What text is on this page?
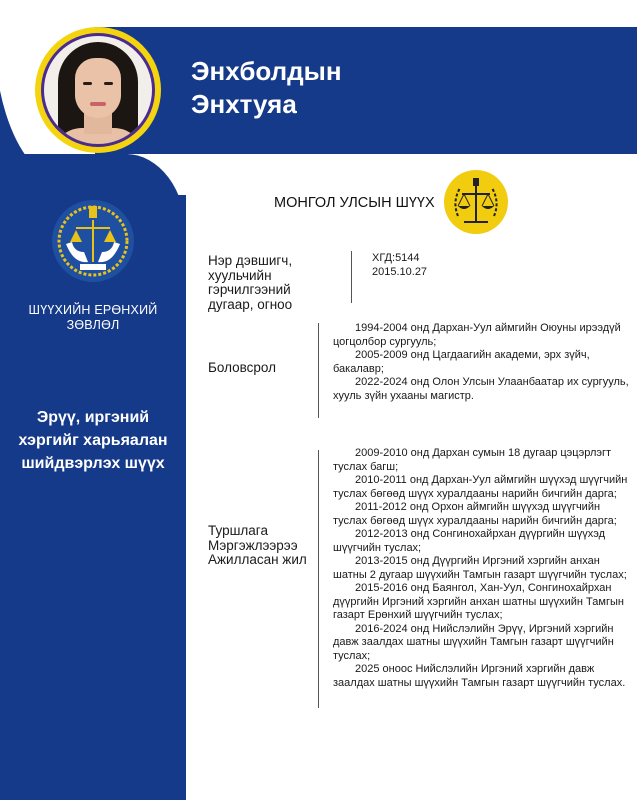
Энхболдын
Энхтуяа
ШҮҮХИЙН ЕРӨНХИЙ
ЗӨВЛӨЛ
Эрүү, иргэний
хэргийг харьяалан
шийдвэрлэх шүүх
МОНГОЛ УЛСЫН ШҮҮХ
Нэр дэвшигч, хуульчийн гэрчилгээний дугаар, огноо
ХГД:5144
2015.10.27
Боловсрол

1994-2004 онд Дархан-Уул аймгийн Оюуны ирээдүй цогцолбор сургууль;

2005-2009 онд Цагдаагийн академи, эрх зүйч, бакалавр;

2022-2024 онд Олон Улсын Улаанбаатар их сургууль, хууль зүйн ухааны магистр.

Туршлага
Мэргэжлээрээ
Ажилласан жил

2009-2010 онд Дархан сумын 18 дугаар цэцэрлэгт туслах багш;

2010-2011 онд Дархан-Уул аймгийн шүүхэд шүүгчийн туслах бөгөөд шүүх хуралдааны нарийн бичгийн дарга;

2011-2012 онд Орхон аймгийн шүүхэд шүүгчийн туслах бөгөөд шүүх хуралдааны нарийн бичгийн дарга;

2012-2013 онд Сонгинохайрхан дүүргийн шүүхэд шүүгчийн туслах;

2013-2015 онд Дүүргийн Иргэний хэргийн анхан шатны 2 дугаар шүүхийн Тамгын газарт шүүгчийн туслах;

2015-2016 онд Баянгол, Хан-Уул, Сонгинохайрхан дүүргийн Иргэний хэргийн анхан шатны шүүхийн Тамгын газарт Ерөнхий шүүгчийн туслах;

2016-2024 онд Нийслэлийн Эрүү, Иргэний хэргийн давж заалдах шатны шүүхийн Тамгын газарт шүүгчийн туслах;

2025 оноос Нийслэлийн Иргэний хэргийн давж заалдах шатны шүүхийн Тамгын газарт шүүгчийн туслах.
